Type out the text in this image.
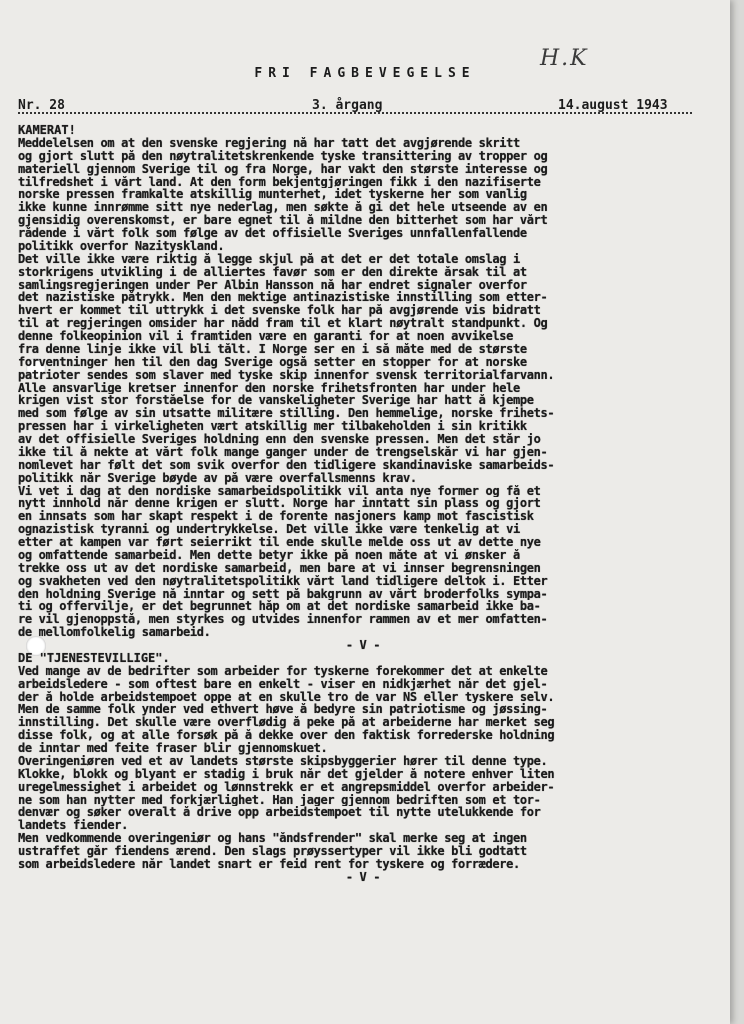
H.K
FRI FAGBEVEGELSE
Nr. 28	3. årgang	14.august 1943
KAMERAT!
Meddelelsen om at den svenske regjering nå har tatt det avgjørende skritt
og gjort slutt på den nøytralitetskrenkende tyske transittering av tropper og
materiell gjennom Sverige til og fra Norge, har vakt den største interesse og
tilfredshet i vårt land. At den form bekjentgjøringen fikk i den nazifiserte
norske pressen framkalte atskillig munterhet, idet tyskerne her som vanlig
ikke kunne innrømme sitt nye nederlag, men søkte å gi det hele utseende av en
gjensidig overenskomst, er bare egnet til å mildne den bitterhet som har vårt
rådende i vårt folk som følge av det offisielle Sveriges unnfallenfallende
politikk overfor Nazityskland.
Det ville ikke være riktig å legge skjul på at det er det totale omslag i
storkrigens utvikling i de alliertes favør som er den direkte årsak til at
samlingsregjeringen under Per Albin Hansson nå har endret signaler overfor
det nazistiske påtrykk. Men den mektige antinazistiske innstilling som etter-
hvert er kommet til uttrykk i det svenske folk har på avgjørende vis bidratt
til at regjeringen omsider har nådd fram til et klart nøytralt standpunkt. Og
denne folkeopinion vil i framtiden være en garanti for at noen avvikelse
fra denne linje ikke vil bli tålt. I Norge ser en i så måte med de største
forventninger hen til den dag Sverige også setter en stopper for at norske
patrioter sendes som slaver med tyske skip innenfor svensk territorialfarvann.
Alle ansvarlige kretser innenfor den norske frihetsfronten har under hele
krigen vist stor forståelse for de vanskeligheter Sverige har hatt å kjempe
med som følge av sin utsatte militære stilling. Den hemmelige, norske frihets-
pressen har i virkeligheten vært atskillig mer tilbakeholden i sin kritikk
av det offisielle Sveriges holdning enn den svenske pressen. Men det står jo
ikke til å nekte at vårt folk mange ganger under de trengselskår vi har gjen-
nomlevet har følt det som svik overfor den tidligere skandinaviske samarbeids-
politikk når Sverige bøyde av på være overfallsmenns krav.
Vi vet i dag at den nordiske samarbeidspolitikk vil anta nye former og få et
nytt innhold når denne krigen er slutt. Norge har inntatt sin plass og gjort
en innsats som har skapt respekt i de forente nasjoners kamp mot fascistisk
ognazistisk tyranni og undertrykkelse. Det ville ikke være tenkelig at vi
etter at kampen var ført seierrikt til ende skulle melde oss ut av dette nye
og omfattende samarbeid. Men dette betyr ikke på noen måte at vi ønsker å
trekke oss ut av det nordiske samarbeid, men bare at vi innser begrensningen
og svakheten ved den nøytralitetspolitikk vårt land tidligere deltok i. Etter
den holdning Sverige nå inntar og sett på bakgrunn av vårt broderfolks sympa-
ti og offervilje, er det begrunnet håp om at det nordiske samarbeid ikke ba-
re vil gjenoppstå, men styrkes og utvides innenfor rammen av et mer omfatten-
de mellomfolkelig samarbeid.
- V -
DE "TJENESTEVILLIGE".
Ved mange av de bedrifter som arbeider for tyskerne forekommer det at enkelte
arbeidsledere - som oftest bare en enkelt - viser en nidkjærhet når det gjel-
der å holde arbeidstempoet oppe at en skulle tro de var NS eller tyskere selv.
Men de samme folk ynder ved ethvert høve å bedyre sin patriotisme og jøssing-
innstilling. Det skulle være overflødig å peke på at arbeiderne har merket seg
disse folk, og at alle forsøk på å dekke over den faktisk forrederske holdning
de inntar med feite fraser blir gjennomskuet.
Overingeniøren ved et av landets største skipsbyggerier hører til denne type.
Klokke, blokk og blyant er stadig i bruk når det gjelder å notere enhver liten
uregelmessighet i arbeidet og lønnstrekk er et angrepsmiddel overfor arbeider-
ne som han nytter med forkjærlighet. Han jager gjennom bedriften som et tor-
denvær og søker overalt å drive opp arbeidstempoet til nytte utelukkende for
landets fiender.
Men vedkommende overingeniør og hans "åndsfrender" skal merke seg at ingen
ustraffet går fiendens ærend. Den slags prøyssertyper vil ikke bli godtatt
som arbeidsledere når landet snart er feid rent for tyskere og forrædere.
- V -
